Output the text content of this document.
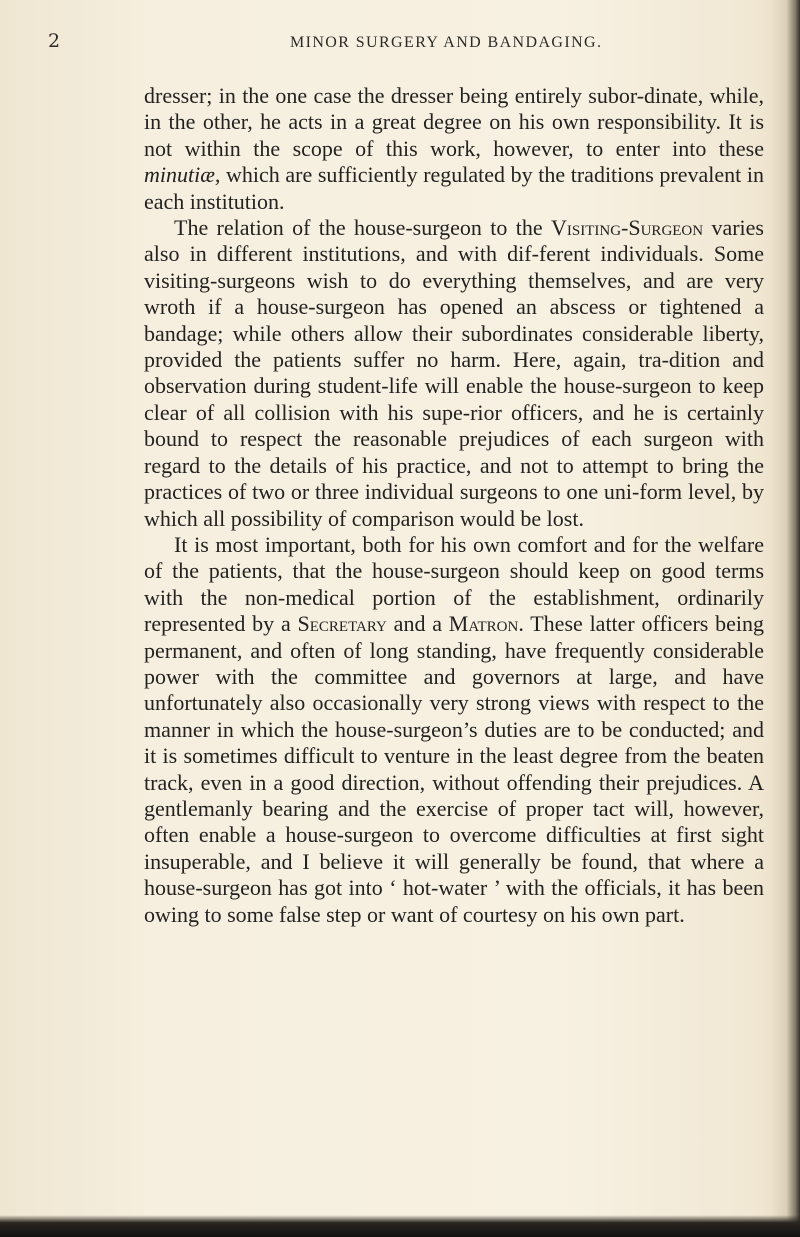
2	MINOR SURGERY AND BANDAGING.

dresser; in the one case the dresser being entirely subor-dinate, while, in the other, he acts in a great degree on his own responsibility. It is not within the scope of this work, however, to enter into these minutiæ, which are sufficiently regulated by the traditions prevalent in each institution.

The relation of the house-surgeon to the Visiting-Surgeon varies also in different institutions, and with dif-ferent individuals. Some visiting-surgeons wish to do everything themselves, and are very wroth if a house-surgeon has opened an abscess or tightened a bandage; while others allow their subordinates considerable liberty, provided the patients suffer no harm. Here, again, tra-dition and observation during student-life will enable the house-surgeon to keep clear of all collision with his supe-rior officers, and he is certainly bound to respect the reasonable prejudices of each surgeon with regard to the details of his practice, and not to attempt to bring the practices of two or three individual surgeons to one uni-form level, by which all possibility of comparison would be lost.

It is most important, both for his own comfort and for the welfare of the patients, that the house-surgeon should keep on good terms with the non-medical portion of the establishment, ordinarily represented by a Secretary and a Matron. These latter officers being permanent, and often of long standing, have frequently considerable power with the committee and governors at large, and have unfortunately also occasionally very strong views with respect to the manner in which the house-surgeon’s duties are to be conducted; and it is sometimes difficult to venture in the least degree from the beaten track, even in a good direction, without offending their prejudices. A gentlemanly bearing and the exercise of proper tact will, however, often enable a house-surgeon to overcome difficulties at first sight insuperable, and I believe it will generally be found, that where a house-surgeon has got into ‘ hot-water ’ with the officials, it has been owing to some false step or want of courtesy on his own part.
